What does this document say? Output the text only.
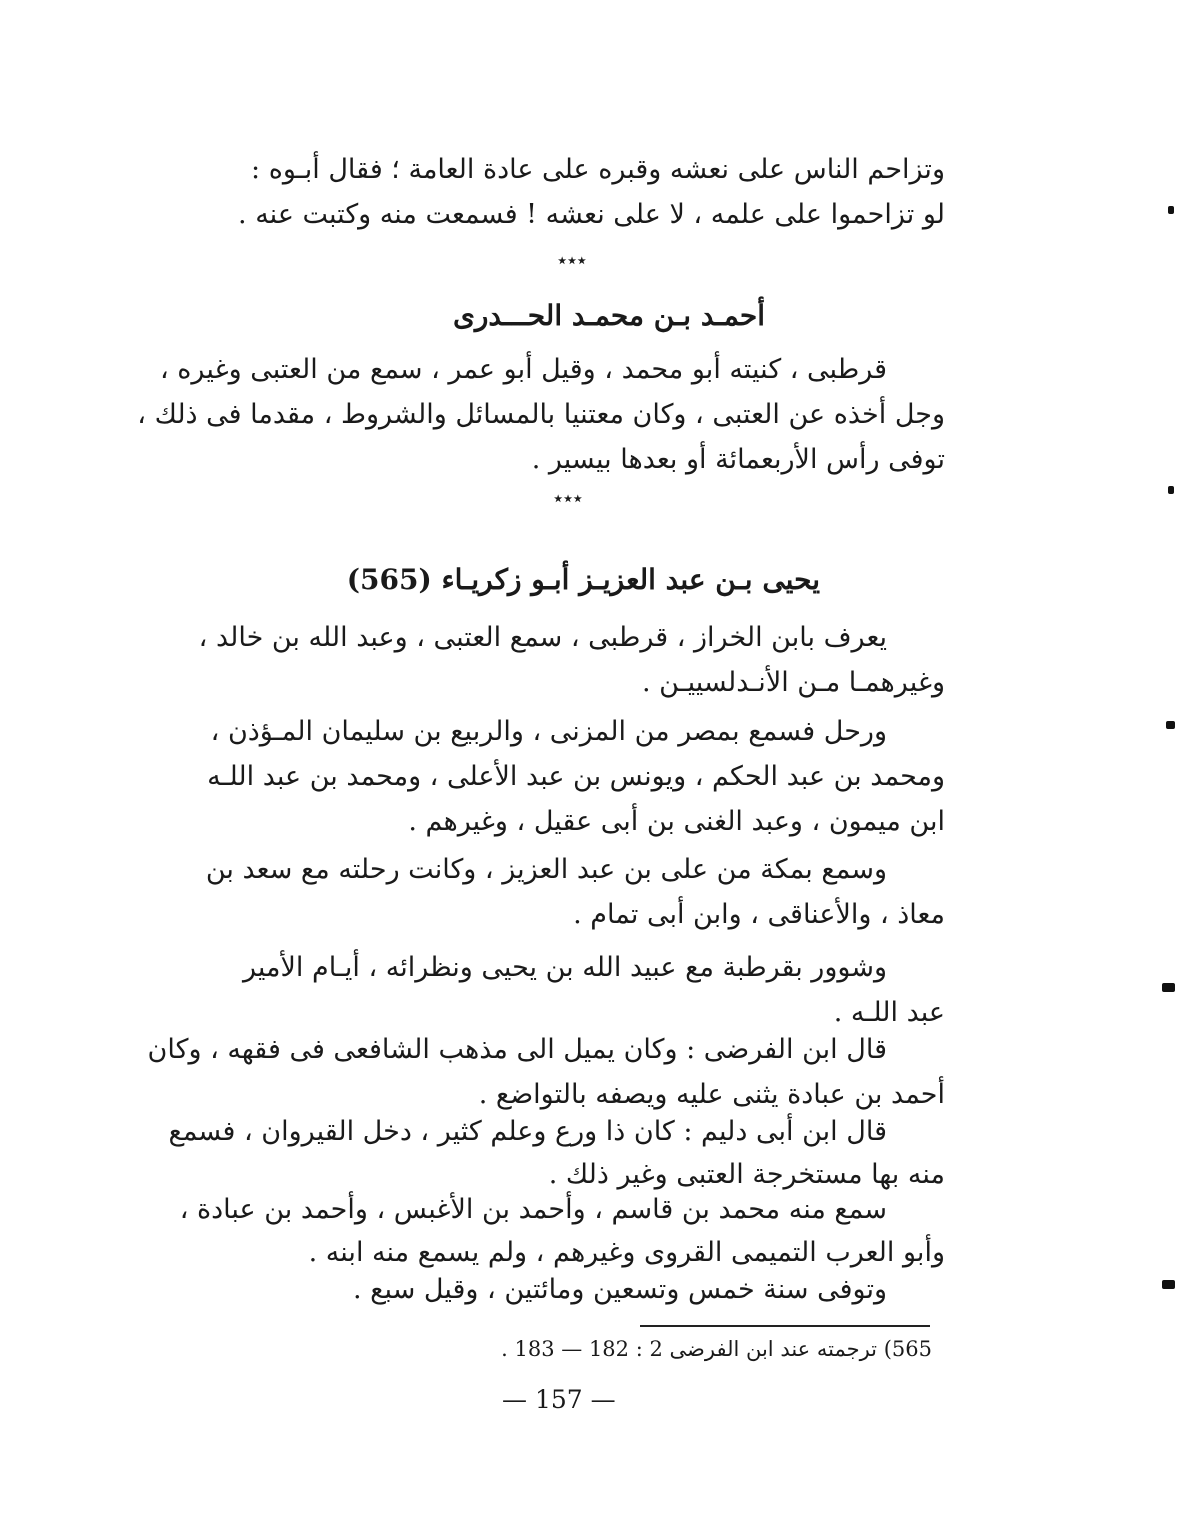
وتزاحم الناس على نعشه وقبره على عادة العامة ؛ فقال أبـوه :
لو تزاحموا على علمه ، لا على نعشه ! فسمعت منه وكتبت عنه .
٭٭٭
أحمـد بـن محمـد الحـــدرى
قرطبى ، كنيته أبو محمد ، وقيل أبو عمر ، سمع من العتبى وغيره ،
وجل أخذه عن العتبى ، وكان معتنيا بالمسائل والشروط ، مقدما فى ذلك ،
توفى رأس الأربعمائة أو بعدها بيسير .
٭٭٭
يحيى بـن عبد العزيـز أبـو زكريـاء (565)
يعرف بابن الخراز ، قرطبى ، سمع العتبى ، وعبد الله بن خالد ،
وغيرهمـا مـن الأنـدلسييـن .
ورحل فسمع بمصر من المزنى ، والربيع بن سليمان المـؤذن ،
ومحمد بن عبد الحكم ، ويونس بن عبد الأعلى ، ومحمد بن عبد اللـه
ابن ميمون ، وعبد الغنى بن أبى عقيل ، وغيرهم .
وسمع بمكة من على بن عبد العزيز ، وكانت رحلته مع سعد بن
معاذ ، والأعناقى ، وابن أبى تمام .
وشوور بقرطبة مع عبيد الله بن يحيى ونظرائه ، أيـام الأمير
عبد اللـه .
قال ابن الفرضى : وكان يميل الى مذهب الشافعى فى فقهه ، وكان
أحمد بن عبادة يثنى عليه ويصفه بالتواضع .
قال ابن أبى دليم : كان ذا ورع وعلم كثير ، دخل القيروان ، فسمع
منه بها مستخرجة العتبى وغير ذلك .
سمع منه محمد بن قاسم ، وأحمد بن الأغبس ، وأحمد بن عبادة ،
وأبو العرب التميمى القروى وغيرهم ، ولم يسمع منه ابنه .
وتوفى سنة خمس وتسعين ومائتين ، وقيل سبع .
565) ترجمته عند ابن الفرضى 2 : 182 — 183 .
— 157 —
